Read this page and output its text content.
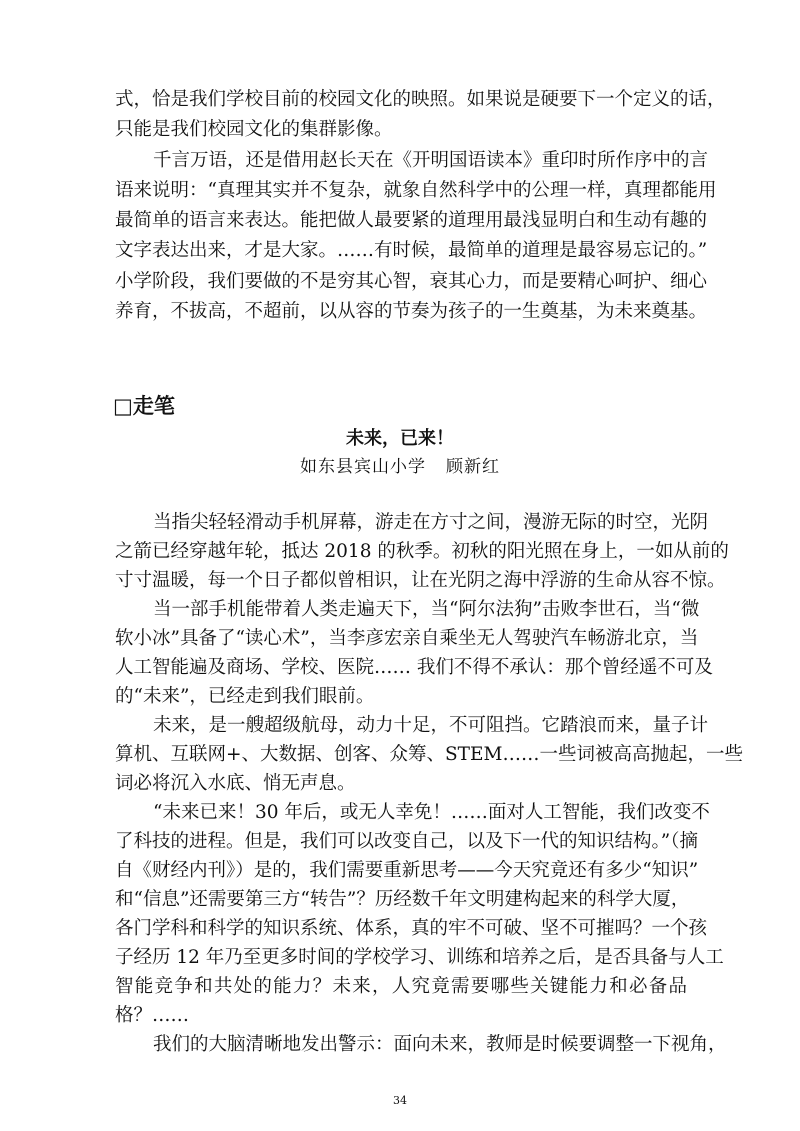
式，恰是我们学校目前的校园文化的映照。如果说是硬要下一个定义的话，
只能是我们校园文化的集群影像。
千言万语，还是借用赵长天在《开明国语读本》重印时所作序中的言
语来说明：“真理其实并不复杂，就象自然科学中的公理一样，真理都能用
最简单的语言来表达。能把做人最要紧的道理用最浅显明白和生动有趣的
文字表达出来，才是大家。……有时候，最简单的道理是最容易忘记的。”
小学阶段，我们要做的不是穷其心智，衰其心力，而是要精心呵护、细心
养育，不拔高，不超前，以从容的节奏为孩子的一生奠基，为未来奠基。
□走笔
未来，已来！
如东县宾山小学 顾新红
当指尖轻轻滑动手机屏幕，游走在方寸之间，漫游无际的时空，光阴
之箭已经穿越年轮，抵达 2018 的秋季。初秋的阳光照在身上，一如从前的
寸寸温暖，每一个日子都似曾相识，让在光阴之海中浮游的生命从容不惊。
当一部手机能带着人类走遍天下，当“阿尔法狗”击败李世石，当“微
软小冰”具备了“读心术”，当李彦宏亲自乘坐无人驾驶汽车畅游北京，当
人工智能遍及商场、学校、医院…… 我们不得不承认：那个曾经遥不可及
的“未来”，已经走到我们眼前。
未来，是一艘超级航母，动力十足，不可阻挡。它踏浪而来，量子计
算机、互联网+、大数据、创客、众筹、STEM……一些词被高高抛起，一些
词必将沉入水底、悄无声息。
“未来已来！30 年后，或无人幸免！……面对人工智能，我们改变不
了科技的进程。但是，我们可以改变自己，以及下一代的知识结构。”（摘
自《财经内刊》）是的，我们需要重新思考——今天究竟还有多少“知识”
和“信息”还需要第三方“转告”？历经数千年文明建构起来的科学大厦，
各门学科和科学的知识系统、体系，真的牢不可破、坚不可摧吗？一个孩
子经历 12 年乃至更多时间的学校学习、训练和培养之后，是否具备与人工
智能竞争和共处的能力？未来，人究竟需要哪些关键能力和必备品
格？……
我们的大脑清晰地发出警示：面向未来，教师是时候要调整一下视角，
34
